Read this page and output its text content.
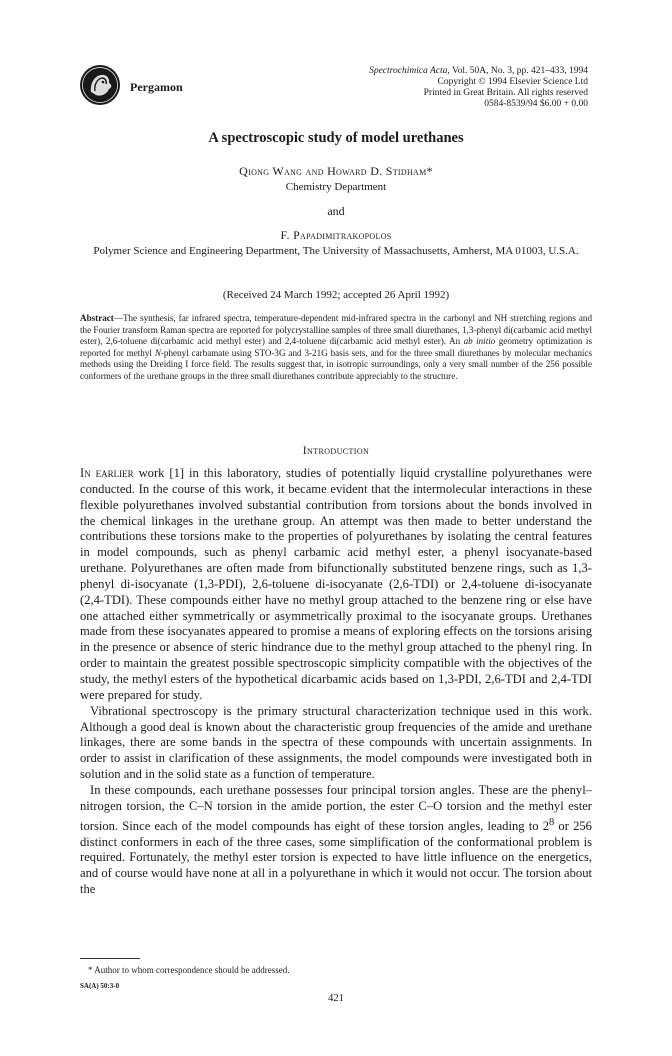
Pergamon
Spectrochimica Acta, Vol. 50A, No. 3, pp. 421–433, 1994
Copyright © 1994 Elsevier Science Ltd
Printed in Great Britain. All rights reserved
0584-8539/94 $6.00 + 0.00
A spectroscopic study of model urethanes
Qiong Wang and Howard D. Stidham*
Chemistry Department
and
F. Papadimitrakopolos
Polymer Science and Engineering Department, The University of Massachusetts, Amherst, MA 01003, U.S.A.
(Received 24 March 1992; accepted 26 April 1992)

Abstract—The synthesis, far infrared spectra, temperature-dependent mid-infrared spectra in the carbonyl and NH stretching regions and the Fourier transform Raman spectra are reported for polycrystalline samples of three small diurethanes, 1,3-phenyl di(carbamic acid methyl ester), 2,6-toluene di(carbamic acid methyl ester) and 2,4-toluene di(carbamic acid methyl ester). An ab initio geometry optimization is reported for methyl N-phenyl carbamate using STO-3G and 3-21G basis sets, and for the three small diurethanes by molecular mechanics methods using the Dreiding I force field. The results suggest that, in isotropic surroundings, only a very small number of the 256 possible conformers of the urethane groups in the three small diurethanes contribute appreciably to the structure.

Introduction

In earlier work [1] in this laboratory, studies of potentially liquid crystalline polyurethanes were conducted. In the course of this work, it became evident that the intermolecular interactions in these flexible polyurethanes involved substantial contribution from torsions about the bonds involved in the chemical linkages in the urethane group. An attempt was then made to better understand the contributions these torsions make to the properties of polyurethanes by isolating the central features in model compounds, such as phenyl carbamic acid methyl ester, a phenyl isocyanate-based urethane. Polyurethanes are often made from bifunctionally substituted benzene rings, such as 1,3-phenyl di-isocyanate (1,3-PDI), 2,6-toluene di-isocyanate (2,6-TDI) or 2,4-toluene di-isocyanate (2,4-TDI). These compounds either have no methyl group attached to the benzene ring or else have one attached either symmetrically or asymmetrically proximal to the isocyanate groups. Urethanes made from these isocyanates appeared to promise a means of exploring effects on the torsions arising in the presence or absence of steric hindrance due to the methyl group attached to the phenyl ring. In order to maintain the greatest possible spectroscopic simplicity compatible with the objectives of the study, the methyl esters of the hypothetical dicarbamic acids based on 1,3-PDI, 2,6-TDI and 2,4-TDI were prepared for study.

Vibrational spectroscopy is the primary structural characterization technique used in this work. Although a good deal is known about the characteristic group frequencies of the amide and urethane linkages, there are some bands in the spectra of these compounds with uncertain assignments. In order to assist in clarification of these assignments, the model compounds were investigated both in solution and in the solid state as a function of temperature.

In these compounds, each urethane possesses four principal torsion angles. These are the phenyl–nitrogen torsion, the C–N torsion in the amide portion, the ester C–O torsion and the methyl ester torsion. Since each of the model compounds has eight of these torsion angles, leading to $2^8$ or 256 distinct conformers in each of the three cases, some simplification of the conformational problem is required. Fortunately, the methyl ester torsion is expected to have little influence on the energetics, and of course would have none at all in a polyurethane in which it would not occur. The torsion about the

* Author to whom correspondence should be addressed.
SA(A) 50:3-0
421
